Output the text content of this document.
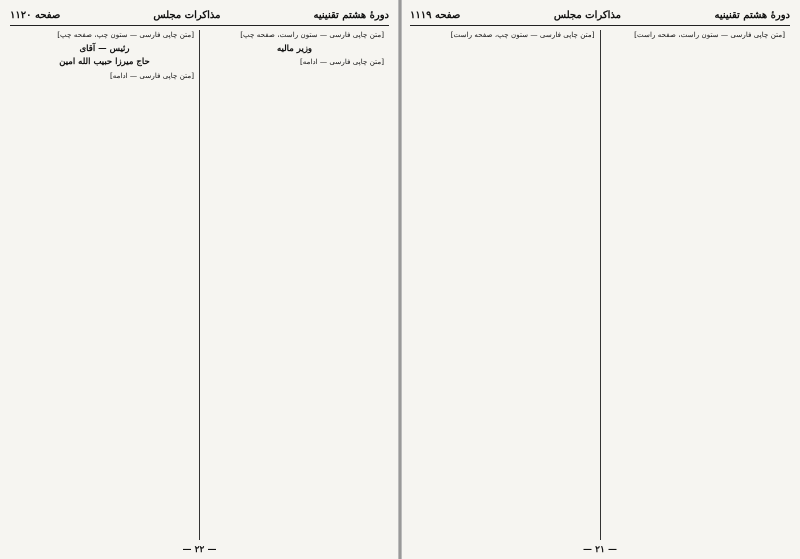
دورهٔ هشتم تقنینیه
مذاکرات مجلس
صفحه ۱۱۲۰

[متن چاپی فارسی — ستون راست، صفحه چپ]

وزیر مالیه

[متن چاپی فارسی — ادامه]

[متن چاپی فارسی — ستون چپ، صفحه چپ]

رئیس — آقای
حاج میرزا حبیب الله امین

[متن چاپی فارسی — ادامه]

— ۲۲ —
دورهٔ هشتم تقنینیه
مذاکرات مجلس
صفحه ۱۱۱۹

[متن چاپی فارسی — ستون راست، صفحه راست]

[متن چاپی فارسی — ستون چپ، صفحه راست]

— ۲۱ —
